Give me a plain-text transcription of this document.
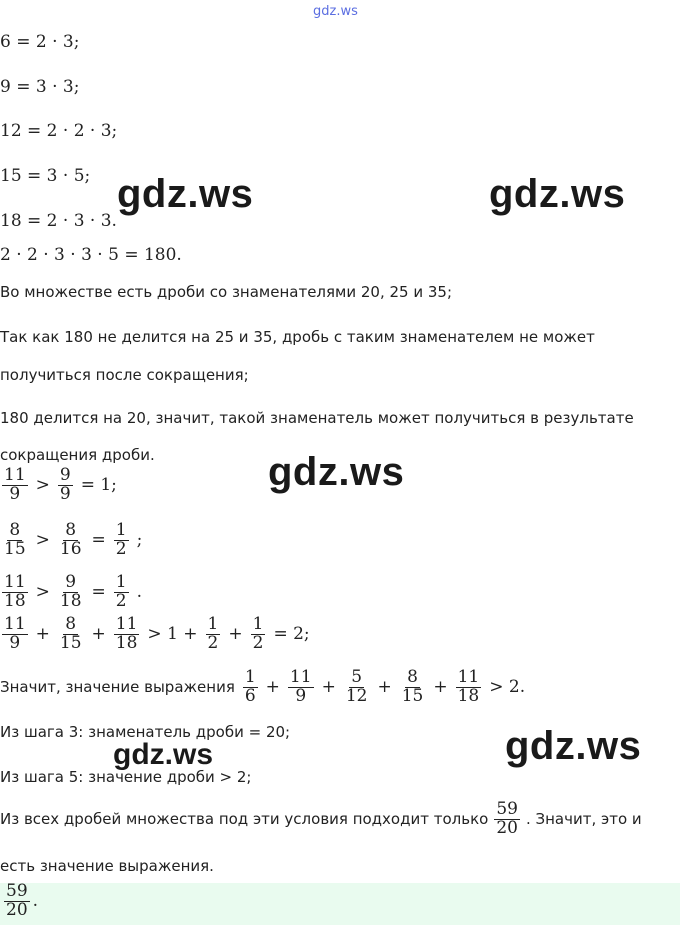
gdz.ws
6 = 2 · 3;
9 = 3 · 3;
12 = 2 · 2 · 3;
15 = 3 · 5;
18 = 2 · 3 · 3.
2 · 2 · 3 · 3 · 5 = 180.
gdz.ws	gdz.ws
Во множестве есть дроби со знаменателями 20, 25 и 35;
Так как 180 не делится на 25 и 35, дробь с таким знаменателем не может
получиться после сокращения;
180 делится на 20, значит, такой знаменатель может получиться в результате
сокращения дроби.	gdz.ws
$\frac{11}{9} > \frac{9}{9} = 1$;
$\frac{8}{15} > \frac{8}{16} = \frac{1}{2}$ ;
$\frac{11}{18} > \frac{9}{18} = \frac{1}{2}$ .
$\frac{11}{9} + \frac{8}{15} + \frac{11}{18} > 1 + \frac{1}{2} + \frac{1}{2} = 2$;
Значит, значение выражения $\frac{1}{6} + \frac{11}{9} + \frac{5}{12} + \frac{8}{15} + \frac{11}{18} > 2$.
Из шага 3: знаменатель дроби = 20;
gdz.ws	gdz.ws
Из шага 5: значение дроби > 2;
Из всех дробей множества под эти условия подходит только $\frac{59}{20}$ . Значит, это и
есть значение выражения.
$\frac{59}{20}$ .
